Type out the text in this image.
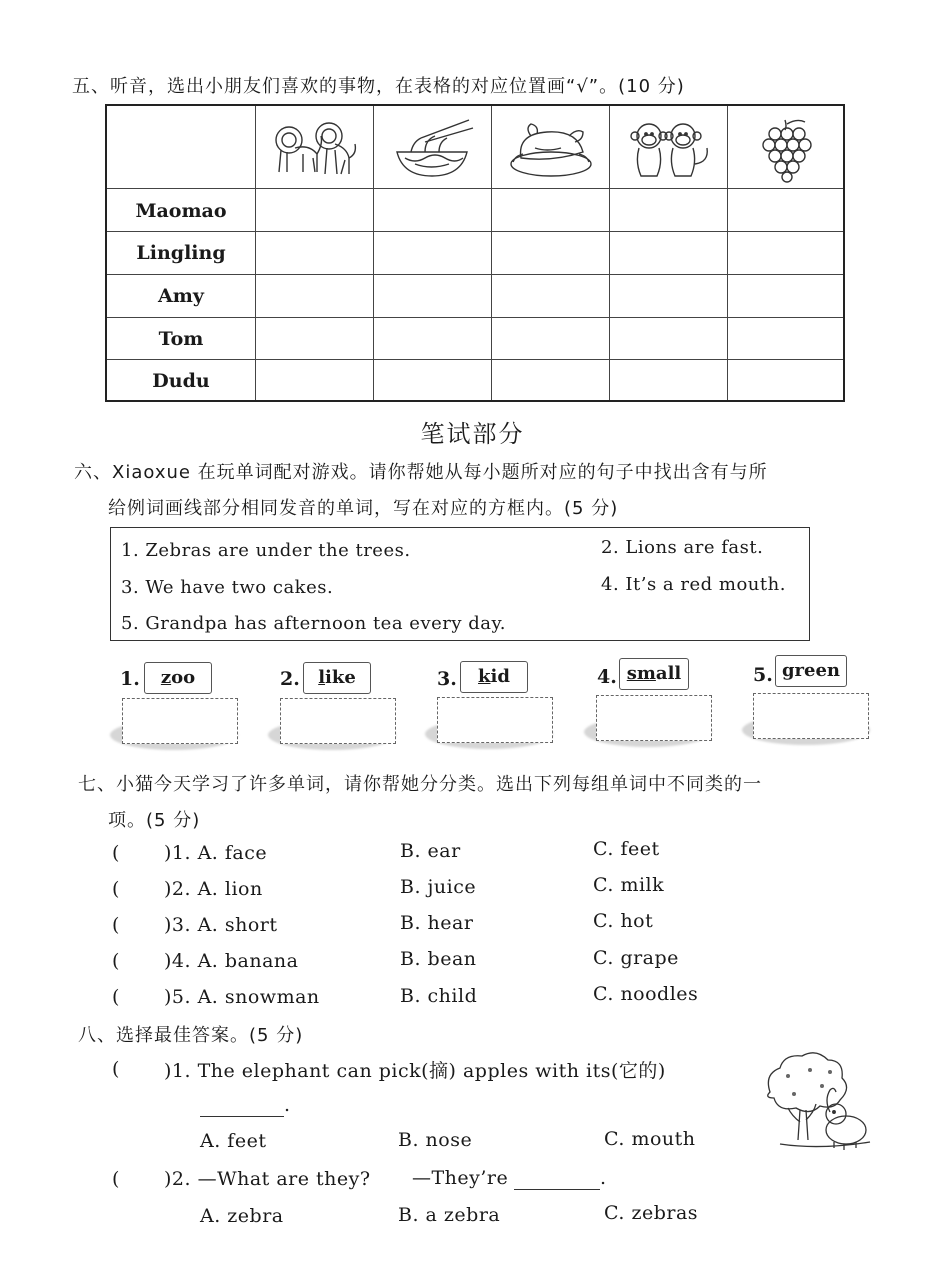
五、听音，选出小朋友们喜欢的事物，在表格的对应位置画“√”。(10 分)
Maomao
Lingling
Amy
Tom
Dudu
笔试部分
六、Xiaoxue 在玩单词配对游戏。请你帮她从每小题所对应的句子中找出含有与所
给例词画线部分相同发音的单词，写在对应的方框内。(5 分)
1. Zebras are under the trees.	2. Lions are fast.
3. We have two cakes.	4. It’s a red mouth.
5. Grandpa has afternoon tea every day.
1.	zoo	2.	like	3.	kid	4. small	5. green
七、小猫今天学习了许多单词，请你帮她分分类。选出下列每组单词中不同类的一
项。(5 分)
( )1. A. face	B. ear	C. feet
( )2. A. lion	B. juice	C. milk
( )3. A. short	B. hear	C. hot
( )4. A. banana	B. bean	C. grape
( )5. A. snowman	B. child	C. noodles
八、选择最佳答案。(5 分)
( )1. The elephant can pick(摘) apples with its(它的)
.
A. feet	B. nose	C. mouth
( )2. —What are they? —They’re	.
A. zebra	B. a zebra	C. zebras
